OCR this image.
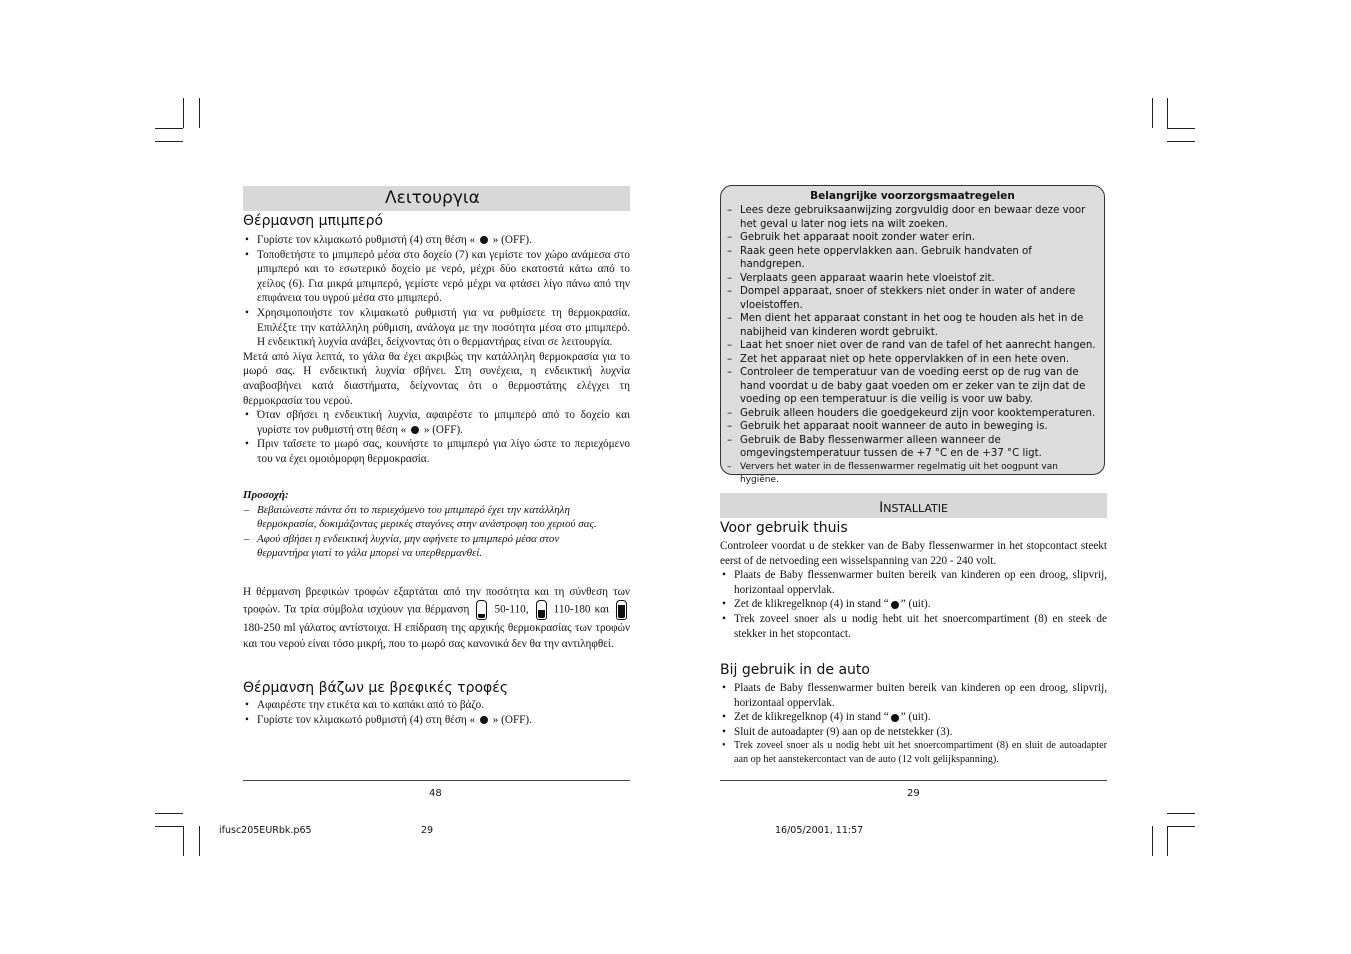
Λειτουργια
Θέρμανση μπιμπερό
• Γυρίστε τον κλιμακωτό ρυθμιστή (4) στη θέση « » (OFF).
• Τοποθετήστε το μπιμπερό μέσα στο δοχείο (7) και γεμίστε τον χώρο ανάμεσα στο μπιμπερό και το εσωτερικό δοχείο με νερό, μέχρι δύο εκατοστά κάτω από το χείλος (6). Για μικρά μπιμπερό, γεμίστε νερό μέχρι να φτάσει λίγο πάνω από την επιφάνεια του υγρού μέσα στο μπιμπερό.
• Χρησιμοποιήστε τον κλιμακωτό ρυθμιστή για να ρυθμίσετε τη θερμοκρασία. Επιλέξτε την κατάλληλη ρύθμιση, ανάλογα με την ποσότητα μέσα στο μπιμπερό. Η ενδεικτική λυχνία ανάβει, δείχνοντας ότι ο θερμαντήρας είναι σε λειτουργία.

Μετά από λίγα λεπτά, το γάλα θα έχει ακριβώς την κατάλληλη θερμοκρασία για το μωρό σας. Η ενδεικτική λυχνία σβήνει. Στη συνέχεια, η ενδεικτική λυχνία αναβοσβήνει κατά διαστήματα, δείχνοντας ότι ο θερμοστάτης ελέγχει τη θερμοκρασία του νερού.

• Όταν σβήσει η ενδεικτική λυχνία, αφαιρέστε το μπιμπερό από το δοχείο και γυρίστε τον ρυθμιστή στη θέση « » (OFF).
• Πριν ταΐσετε το μωρό σας, κουνήστε το μπιμπερό για λίγο ώστε το περιεχόμενο του να έχει ομοιόμορφη θερμοκρασία.

Προσοχή:

– Βεβαιώνεστε πάντα ότι το περιεχόμενο του μπιμπερό έχει την κατάλληλη θερμοκρασία, δοκιμάζοντας μερικές σταγόνες στην ανάστροφη του χεριού σας.
– Αφού σβήσει η ενδεικτική λυχνία, μην αφήνετε το μπιμπερό μέσα στον θερμαντήρα γιατί το γάλα μπορεί να υπερθερμανθεί.
Η θέρμανση βρεφικών τροφών εξαρτάται από την ποσότητα και τη σύνθεση των τροφών. Τα τρία σύμβολα ισχύουν για θέρμανση 50-110, 110-180 και
180-250 ml γάλατος αντίστοιχα. Η επίδραση της αρχικής θερμοκρασίας των τροφών και του νερού είναι τόσο μικρή, που το μωρό σας κανονικά δεν θα την αντιληφθεί.
Θέρμανση βάζων με βρεφικές τροφές
• Αφαιρέστε την ετικέτα και το καπάκι από το βάζο.
• Γυρίστε τον κλιμακωτό ρυθμιστή (4) στη θέση « » (OFF).
48
Belangrijke voorzorgsmaatregelen
– Lees deze gebruiksaanwijzing zorgvuldig door en bewaar deze voor het geval u later nog iets na wilt zoeken.
– Gebruik het apparaat nooit zonder water erin.
– Raak geen hete oppervlakken aan. Gebruik handvaten of handgrepen.
– Verplaats geen apparaat waarin hete vloeistof zit.
– Dompel apparaat, snoer of stekkers niet onder in water of andere vloeistoffen.
– Men dient het apparaat constant in het oog te houden als het in de nabijheid van kinderen wordt gebruikt.
– Laat het snoer niet over de rand van de tafel of het aanrecht hangen.
– Zet het apparaat niet op hete oppervlakken of in een hete oven.
– Controleer de temperatuur van de voeding eerst op de rug van de hand voordat u de baby gaat voeden om er zeker van te zijn dat de voeding op een temperatuur is die veilig is voor uw baby.
– Gebruik alleen houders die goedgekeurd zijn voor kooktemperaturen.
– Gebruik het apparaat nooit wanneer de auto in beweging is.
– Gebruik de Baby flessenwarmer alleen wanneer de omgevingstemperatuur tussen de +7 °C en de +37 °C ligt.
– Ververs het water in de flessenwarmer regelmatig uit het oogpunt van hygiëne.
INSTALLATIE
Voor gebruik thuis

Controleer voordat u de stekker van de Baby flessenwarmer in het stopcontact steekt eerst of de netvoeding een wisselspanning van 220 - 240 volt.

• Plaats de Baby flessenwarmer buiten bereik van kinderen op een droog, slipvrij, horizontaal oppervlak.
• Zet de klikregelknop (4) in stand “ ” (uit).
• Trek zoveel snoer als u nodig hebt uit het snoercompartiment (8) en steek de stekker in het stopcontact.
Bij gebruik in de auto
• Plaats de Baby flessenwarmer buiten bereik van kinderen op een droog, slipvrij, horizontaal oppervlak.
• Zet de klikregelknop (4) in stand “ ” (uit).
• Sluit de autoadapter (9) aan op de netstekker (3).
• Trek zoveel snoer als u nodig hebt uit het snoercompartiment (8) en sluit de autoadapter aan op het aanstekercontact van de auto (12 volt gelijkspanning).
29
ifusc205EURbk.p65	29	16/05/2001, 11:57
